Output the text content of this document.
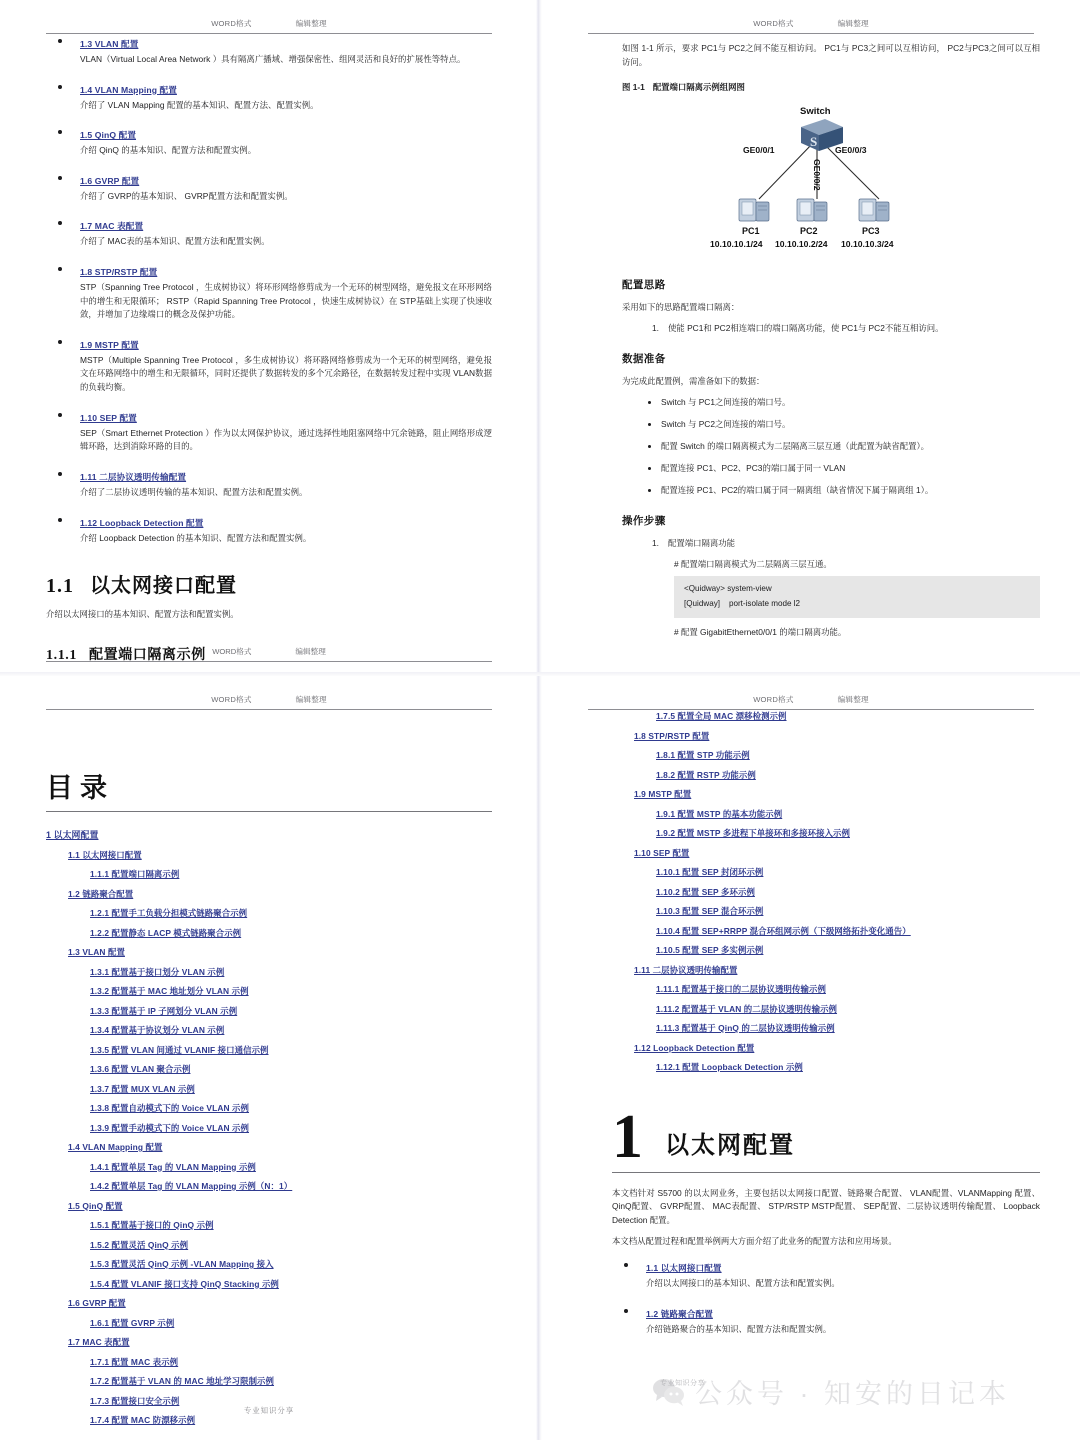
WORD格式	编辑整理
1.3 VLAN 配置
VLAN（Virtual Local Area Network ）具有隔离广播域、增强保密性、组网灵活和良好的扩展性等特点。
1.4 VLAN Mapping 配置
介绍了 VLAN Mapping 配置的基本知识、配置方法、配置实例。
1.5 QinQ 配置
介绍 QinQ 的基本知识、配置方法和配置实例。
1.6 GVRP 配置
介绍了 GVRP的基本知识、 GVRP配置方法和配置实例。
1.7 MAC 表配置
介绍了 MAC表的基本知识、配置方法和配置实例。
1.8 STP/RSTP 配置
STP（Spanning Tree Protocol ，生成树协议）将环形网络修剪成为一个无环的树型网络，避免报文在环形网络中的增生和无限循环； RSTP（Rapid Spanning Tree Protocol ，快速生成树协议）在 STP基础上实现了快速收敛，并增加了边缘端口的概念及保护功能。
1.9 MSTP 配置
MSTP（Multiple Spanning Tree Protocol ，多生成树协议）将环路网络修剪成为一个无环的树型网络，避免报文在环路网络中的增生和无限循环，同时还提供了数据转发的多个冗余路径，在数据转发过程中实现 VLAN数据的负载均衡。
1.10 SEP 配置
SEP（Smart Ethernet Protection ）作为以太网保护协议，通过选择性地阻塞网络中冗余链路，阻止网络形成逻辑环路，达到消除环路的目的。
1.11 二层协议透明传输配置
介绍了二层协议透明传输的基本知识、配置方法和配置实例。
1.12 Loopback Detection 配置
介绍 Loopback Detection 的基本知识、配置方法和配置实例。
1.1 以太网接口配置

介绍以太网接口的基本知识、配置方法和配置实例。

1.1.1 配置端口隔离示例 WORD格式	编辑整理
WORD格式	编辑整理

如图 1-1 所示，要求 PC1与 PC2之间不能互相访问。 PC1与 PC3之间可以互相访问， PC2与PC3之间可以互相访问。

图 1-1 配置端口隔离示例组网图
S
Switch
GE0/0/1	GE0/0/3
GE0/0/2
PC1	PC2	PC3
10.10.10.1/24 10.10.10.2/24 10.10.10.3/24
配置思路

采用如下的思路配置端口隔离：

使能 PC1和 PC2相连端口的端口隔离功能，使 PC1与 PC2不能互相访问。
数据准备

为完成此配置例，需准备如下的数据：

Switch 与 PC1之间连接的端口号。
Switch 与 PC2之间连接的端口号。
配置 Switch 的端口隔离模式为二层隔离三层互通（此配置为缺省配置）。
配置连接 PC1、PC2、PC3的端口属于同一 VLAN
配置连接 PC1、PC2的端口属于同一隔离组（缺省情况下属于隔离组 1）。
操作步骤
配置端口隔离功能
# 配置端口隔离模式为二层隔离三层互通。
<Quidway> system-view
[Quidway]    port-isolate mode l2
# 配置 GigabitEthernet0/0/1 的端口隔离功能。
WORD格式	编辑整理
目录
1 以太网配置
1.1 以太网接口配置
1.1.1 配置端口隔离示例
1.2 链路聚合配置
1.2.1 配置手工负载分担模式链路聚合示例
1.2.2 配置静态 LACP 模式链路聚合示例
1.3 VLAN 配置
1.3.1 配置基于接口划分 VLAN 示例
1.3.2 配置基于 MAC 地址划分 VLAN 示例
1.3.3 配置基于 IP 子网划分 VLAN 示例
1.3.4 配置基于协议划分 VLAN 示例
1.3.5 配置 VLAN 间通过 VLANIF 接口通信示例
1.3.6 配置 VLAN 聚合示例
1.3.7 配置 MUX VLAN 示例
1.3.8 配置自动模式下的 Voice VLAN 示例
1.3.9 配置手动模式下的 Voice VLAN 示例
1.4 VLAN Mapping 配置
1.4.1 配置单层 Tag 的 VLAN Mapping 示例
1.4.2 配置单层 Tag 的 VLAN Mapping 示例（N：1）
1.5 QinQ 配置
1.5.1 配置基于接口的 QinQ 示例
1.5.2 配置灵活 QinQ 示例
1.5.3 配置灵活 QinQ 示例 -VLAN Mapping 接入
1.5.4 配置 VLANIF 接口支持 QinQ Stacking 示例
1.6 GVRP 配置
1.6.1 配置 GVRP 示例
1.7 MAC 表配置
1.7.1 配置 MAC 表示例
1.7.2 配置基于 VLAN 的 MAC 地址学习限制示例
1.7.3 配置接口安全示例
1.7.4 配置 MAC 防漂移示例
专业知识分享
WORD格式	编辑整理
1.7.5 配置全局 MAC 漂移检测示例
1.8 STP/RSTP 配置
1.8.1 配置 STP 功能示例
1.8.2 配置 RSTP 功能示例
1.9 MSTP 配置
1.9.1 配置 MSTP 的基本功能示例
1.9.2 配置 MSTP 多进程下单接环和多接环接入示例
1.10 SEP 配置
1.10.1 配置 SEP 封闭环示例
1.10.2 配置 SEP 多环示例
1.10.3 配置 SEP 混合环示例
1.10.4 配置 SEP+RRPP 混合环组网示例（下级网络拓扑变化通告）
1.10.5 配置 SEP 多实例示例
1.11 二层协议透明传输配置
1.11.1 配置基于接口的二层协议透明传输示例
1.11.2 配置基于 VLAN 的二层协议透明传输示例
1.11.3 配置基于 QinQ 的二层协议透明传输示例
1.12 Loopback Detection 配置
1.12.1 配置 Loopback Detection 示例
1 以太网配置

本文档针对 S5700 的以太网业务，主要包括以太网接口配置、链路聚合配置、 VLAN配置、VLANMapping 配置、 QinQ配置、 GVRP配置、 MAC表配置、 STP/RSTP MSTP配置、 SEP配置、二层协议透明传输配置、 Loopback Detection 配置。

本文档从配置过程和配置举例两大方面介绍了此业务的配置方法和应用场景。

1.1 以太网接口配置
介绍以太网接口的基本知识、配置方法和配置实例。
1.2 链路聚合配置
介绍链路聚合的基本知识、配置方法和配置实例。
公众号 · 知安的日记本
专业知识分享
